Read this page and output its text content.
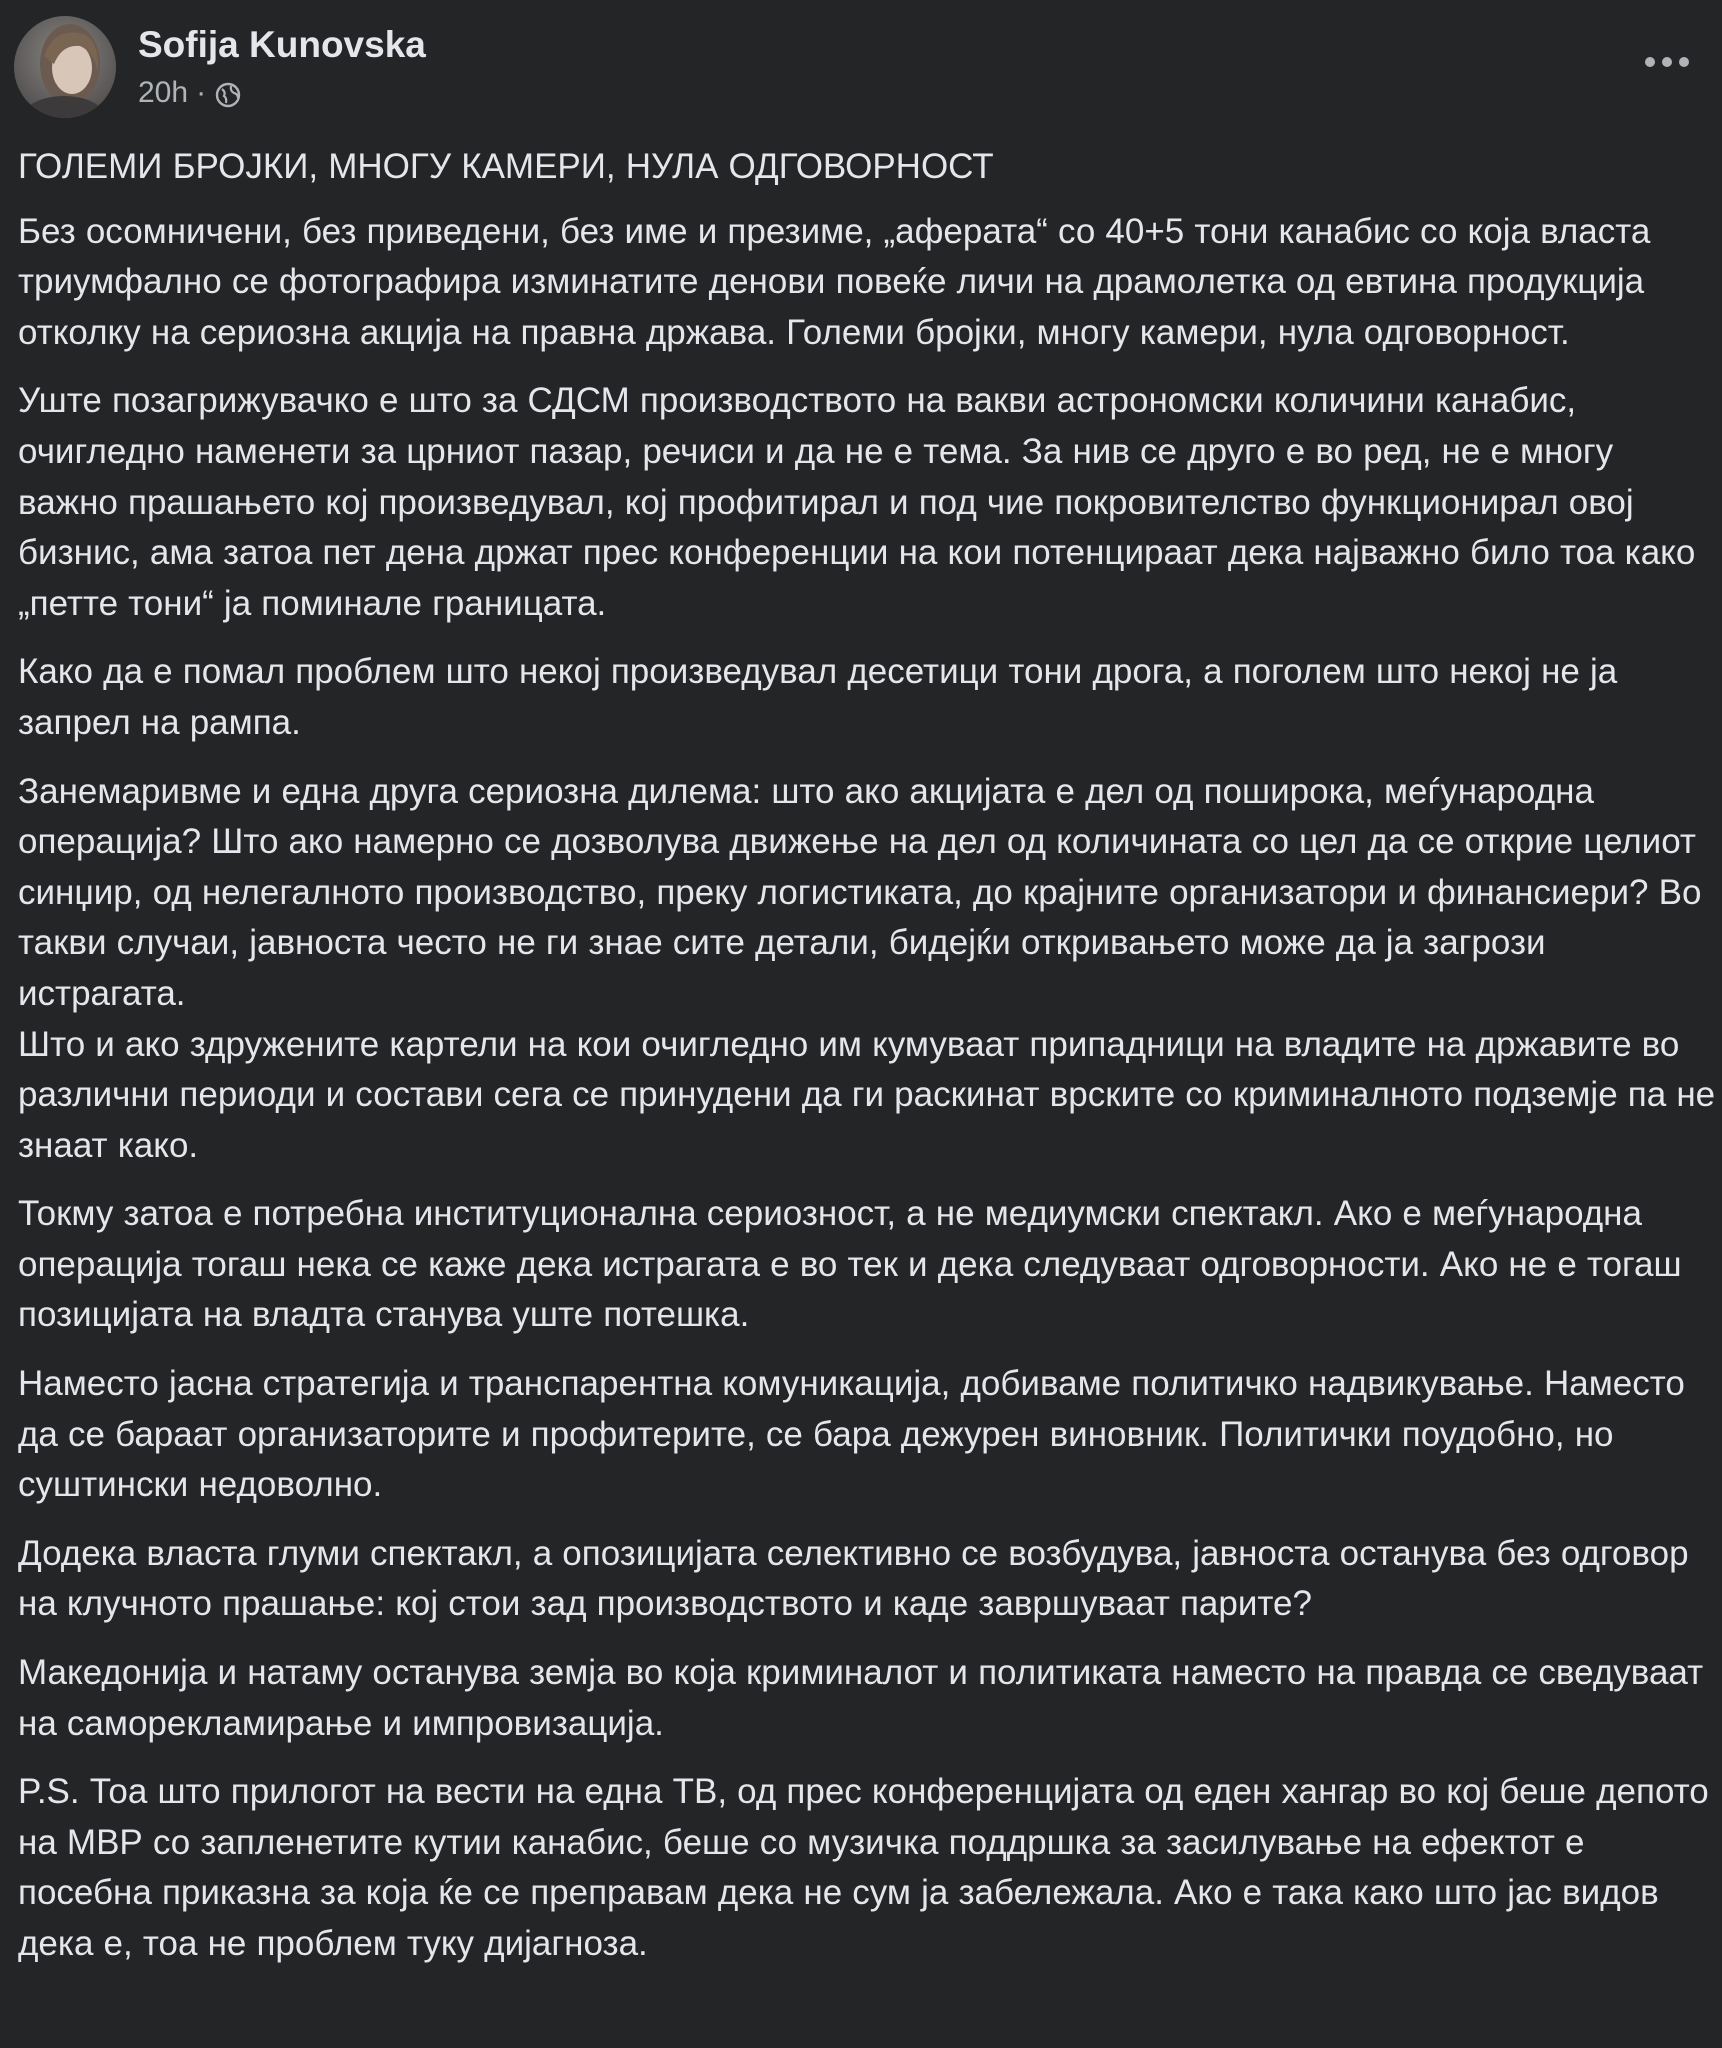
Sofija Kunovska
20h ·
ГОЛЕМИ БРОЈКИ, МНОГУ КАМЕРИ, НУЛА ОДГОВОРНОСТ
Без осомничени, без приведени, без име и презиме, „аферата“ со 40+5 тони канабис со која власта триумфално се фотографира изминатите денови повеќе личи на драмолетка од евтина продукција отколку на сериозна акција на правна држава. Големи бројки, многу камери, нула одговорност.
Уште позагрижувачко е што за СДСМ производството на вакви астрономски количини канабис, очигледно наменети за црниот пазар, речиси и да не е тема. За нив се друго е во ред, не е многу важно прашањето кој произведувал, кој профитирал и под чие покровителство функционирал овој бизнис, ама затоа пет дена држат прес конференции на кои потенцираат дека најважно било тоа како „петте тони“ ја поминале границата.
Како да е помал проблем што некој произведувал десетици тони дрога, а поголем што некој не ја запрел на рампа.
Занемаривме и една друга сериозна дилема: што ако акцијата е дел од поширока, меѓународна операција? Што ако намерно се дозволува движење на дел од количината со цел да се открие целиот синџир, од нелегалното производство, преку логистиката, до крајните организатори и финансиери? Во такви случаи, јавноста често не ги знае сите детали, бидејќи откривањето може да ја загрози истрагата.
Што и ако здружените картели на кои очигледно им кумуваат припадници на владите на државите во различни периоди и состави сега се принудени да ги раскинат врските со криминалното подземје па не знаат како.
Токму затоа е потребна институционална сериозност, а не медиумски спектакл. Ако е меѓународна операција тогаш нека се каже дека истрагата е во тек и дека следуваат одговорности. Ако не е тогаш позицијата на владта станува уште потешка.
Наместо јасна стратегија и транспарентна комуникација, добиваме политичко надвикување. Наместо да се бараат организаторите и профитерите, се бара дежурен виновник. Политички поудобно, но суштински недоволно.
Додека власта глуми спектакл, а опозицијата селективно се возбудува, јавноста останува без одговор на клучното прашање: кој стои зад производството и каде завршуваат парите?
Македонија и натаму останува земја во која криминалот и политиката наместо на правда се сведуваат на саморекламирање и импровизација.
P.S. Тоа што прилогот на вести на една ТВ, од прес конференцијата од еден хангар во кој беше депото на МВР со запленетите кутии канабис, беше со музичка поддршка за засилување на ефектот е посебна приказна за која ќе се преправам дека не сум ја забележала. Ако е така како што јас видов дека е, тоа не проблем туку дијагноза.
